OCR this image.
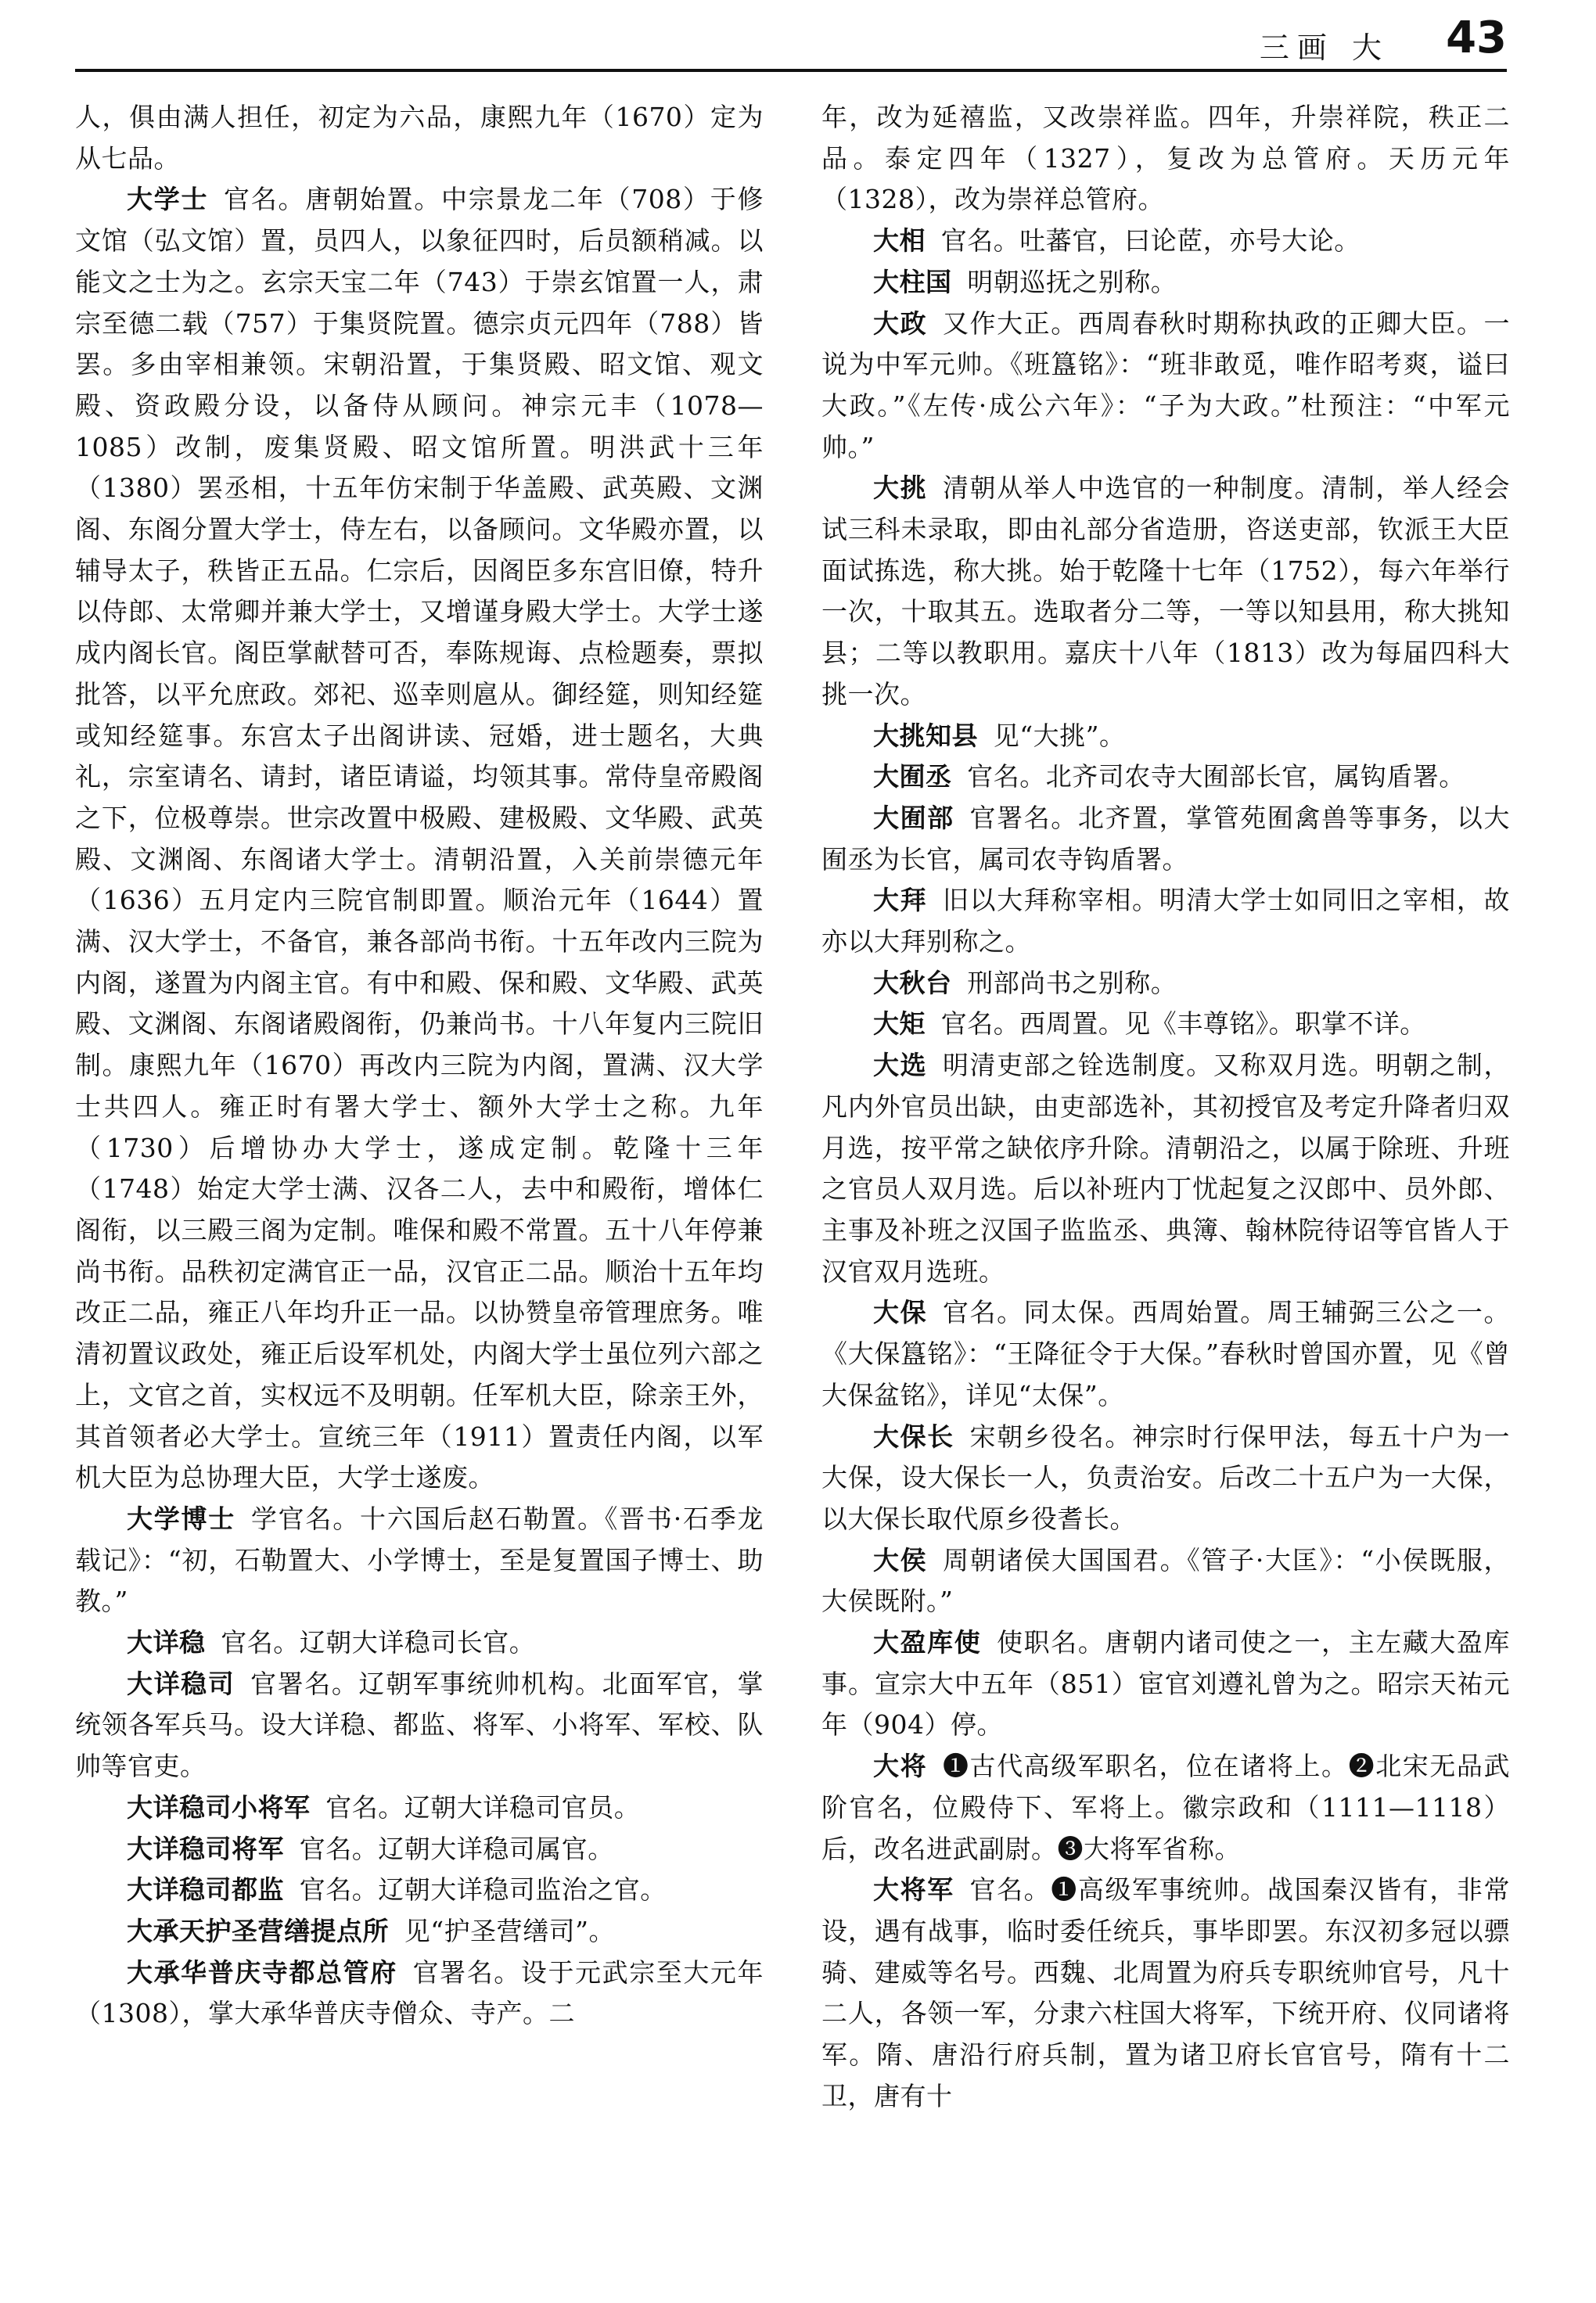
三画 大 43

人，俱由满人担任，初定为六品，康熙九年（1670）定为从七品。

大学士 官名。唐朝始置。中宗景龙二年（708）于修文馆（弘文馆）置，员四人，以象征四时，后员额稍减。以能文之士为之。玄宗天宝二年（743）于崇玄馆置一人，肃宗至德二载（757）于集贤院置。德宗贞元四年（788）皆罢。多由宰相兼领。宋朝沿置，于集贤殿、昭文馆、观文殿、资政殿分设，以备侍从顾问。神宗元丰（1078—1085）改制，废集贤殿、昭文馆所置。明洪武十三年（1380）罢丞相，十五年仿宋制于华盖殿、武英殿、文渊阁、东阁分置大学士，侍左右，以备顾问。文华殿亦置，以辅导太子，秩皆正五品。仁宗后，因阁臣多东宫旧僚，特升以侍郎、太常卿并兼大学士，又增谨身殿大学士。大学士遂成内阁长官。阁臣掌献替可否，奉陈规诲、点检题奏，票拟批答，以平允庶政。郊祀、巡幸则扈从。御经筵，则知经筵或知经筵事。东宫太子出阁讲读、冠婚，进士题名，大典礼，宗室请名、请封，诸臣请谥，均领其事。常侍皇帝殿阁之下，位极尊崇。世宗改置中极殿、建极殿、文华殿、武英殿、文渊阁、东阁诸大学士。清朝沿置，入关前崇德元年（1636）五月定内三院官制即置。顺治元年（1644）置满、汉大学士，不备官，兼各部尚书衔。十五年改内三院为内阁，遂置为内阁主官。有中和殿、保和殿、文华殿、武英殿、文渊阁、东阁诸殿阁衔，仍兼尚书。十八年复内三院旧制。康熙九年（1670）再改内三院为内阁，置满、汉大学士共四人。雍正时有署大学士、额外大学士之称。九年（1730）后增协办大学士，遂成定制。乾隆十三年（1748）始定大学士满、汉各二人，去中和殿衔，增体仁阁衔，以三殿三阁为定制。唯保和殿不常置。五十八年停兼尚书衔。品秩初定满官正一品，汉官正二品。顺治十五年均改正二品，雍正八年均升正一品。以协赞皇帝管理庶务。唯清初置议政处，雍正后设军机处，内阁大学士虽位列六部之上，文官之首，实权远不及明朝。任军机大臣，除亲王外，其首领者必大学士。宣统三年（1911）置责任内阁，以军机大臣为总协理大臣，大学士遂废。

大学博士 学官名。十六国后赵石勒置。《晋书·石季龙载记》：“初，石勒置大、小学博士，至是复置国子博士、助教。”

大详稳 官名。辽朝大详稳司长官。

大详稳司 官署名。辽朝军事统帅机构。北面军官，掌统领各军兵马。设大详稳、都监、将军、小将军、军校、队帅等官吏。

大详稳司小将军 官名。辽朝大详稳司官员。

大详稳司将军 官名。辽朝大详稳司属官。

大详稳司都监 官名。辽朝大详稳司监治之官。

大承天护圣营缮提点所 见“护圣营缮司”。

大承华普庆寺都总管府 官署名。设于元武宗至大元年（1308），掌大承华普庆寺僧众、寺产。二

年，改为延禧监，又改崇祥监。四年，升崇祥院，秩正二品。泰定四年（1327），复改为总管府。天历元年（1328），改为崇祥总管府。

大相 官名。吐蕃官，曰论茝，亦号大论。

大柱国 明朝巡抚之别称。

大政 又作大正。西周春秋时期称执政的正卿大臣。一说为中军元帅。《班簋铭》：“班非敢觅，唯作昭考爽，谥曰大政。”《左传·成公六年》：“子为大政。”杜预注：“中军元帅。”

大挑 清朝从举人中选官的一种制度。清制，举人经会试三科未录取，即由礼部分省造册，咨送吏部，钦派王大臣面试拣选，称大挑。始于乾隆十七年（1752），每六年举行一次，十取其五。选取者分二等，一等以知县用，称大挑知县；二等以教职用。嘉庆十八年（1813）改为每届四科大挑一次。

大挑知县 见“大挑”。

大囿丞 官名。北齐司农寺大囿部长官，属钩盾署。

大囿部 官署名。北齐置，掌管苑囿禽兽等事务，以大囿丞为长官，属司农寺钩盾署。

大拜 旧以大拜称宰相。明清大学士如同旧之宰相，故亦以大拜别称之。

大秋台 刑部尚书之别称。

大矩 官名。西周置。见《丰尊铭》。职掌不详。

大选 明清吏部之铨选制度。又称双月选。明朝之制，凡内外官员出缺，由吏部选补，其初授官及考定升降者归双月选，按平常之缺依序升除。清朝沿之，以属于除班、升班之官员人双月选。后以补班内丁忧起复之汉郎中、员外郎、主事及补班之汉国子监监丞、典簿、翰林院待诏等官皆人于汉官双月选班。

大保 官名。同太保。西周始置。周王辅弼三公之一。《大保簋铭》：“王降征令于大保。”春秋时曾国亦置，见《曾大保盆铭》，详见“太保”。

大保长 宋朝乡役名。神宗时行保甲法，每五十户为一大保，设大保长一人，负责治安。后改二十五户为一大保，以大保长取代原乡役耆长。

大侯 周朝诸侯大国国君。《管子·大匡》：“小侯既服，大侯既附。”

大盈库使 使职名。唐朝内诸司使之一，主左藏大盈库事。宣宗大中五年（851）宦官刘遵礼曾为之。昭宗天祐元年（904）停。

大将 ❶古代高级军职名，位在诸将上。❷北宋无品武阶官名，位殿侍下、军将上。徽宗政和（1111—1118）后，改名进武副尉。❸大将军省称。

大将军 官名。❶高级军事统帅。战国秦汉皆有，非常设，遇有战事，临时委任统兵，事毕即罢。东汉初多冠以骠骑、建威等名号。西魏、北周置为府兵专职统帅官号，凡十二人，各领一军，分隶六柱国大将军，下统开府、仪同诸将军。隋、唐沿行府兵制，置为诸卫府长官官号，隋有十二卫，唐有十
